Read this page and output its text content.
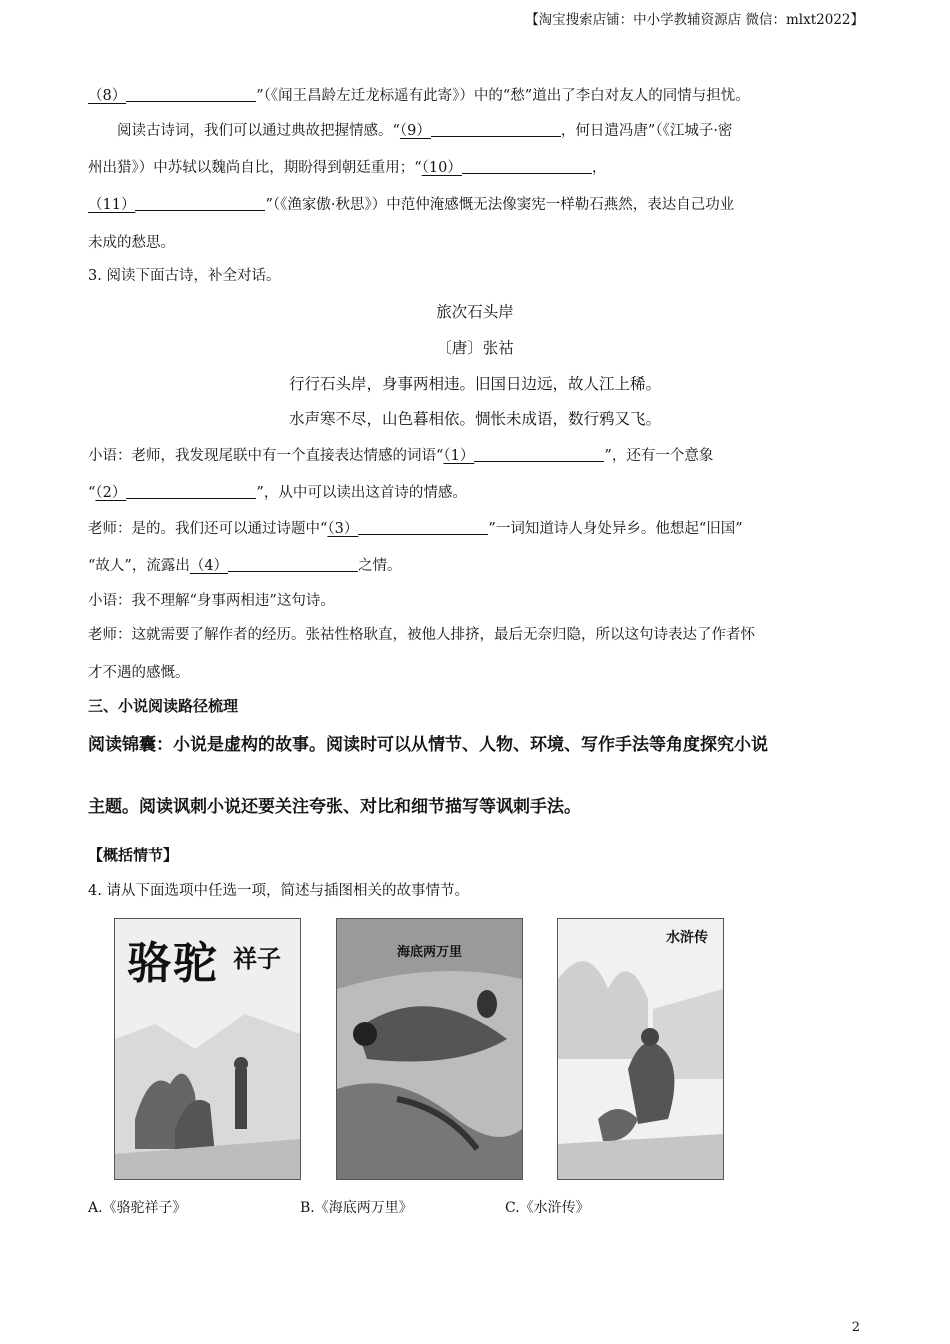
【淘宝搜索店铺：中小学教辅资源店 微信：mlxt2022】
（8）	”（《闻王昌龄左迁龙标遥有此寄》）中的“愁”道出了李白对友人的同情与担忧。
阅读古诗词，我们可以通过典故把握情感。“（9）	，何日遣冯唐”（《江城子·密
州出猎》）中苏轼以魏尚自比，期盼得到朝廷重用；“（10）	，
（11）	”（《渔家傲·秋思》）中范仲淹感慨无法像窦宪一样勒石燕然，表达自己功业
未成的愁思。
3. 阅读下面古诗，补全对话。
旅次石头岸
〔唐〕张祜
行行石头岸，身事两相违。旧国日边远，故人江上稀。
水声寒不尽，山色暮相依。惆怅未成语，数行鸦又飞。
小语：老师，我发现尾联中有一个直接表达情感的词语“（1）	”，还有一个意象
“（2）	”，从中可以读出这首诗的情感。
老师：是的。我们还可以通过诗题中“（3）	”一词知道诗人身处异乡。他想起“旧国”
“故人”，流露出（4）	之情。
小语：我不理解“身事两相违”这句诗。
老师：这就需要了解作者的经历。张祜性格耿直，被他人排挤，最后无奈归隐，所以这句诗表达了作者怀
才不遇的感慨。
三、小说阅读路径梳理
阅读锦囊：小说是虚构的故事。阅读时可以从情节、人物、环境、写作手法等角度探究小说
主题。阅读讽刺小说还要关注夸张、对比和细节描写等讽刺手法。
【概括情节】
4. 请从下面选项中任选一项，简述与插图相关的故事情节。
骆驼 祥子	海底两万里
水浒传
A.《骆驼祥子》	B.《海底两万里》	C.《水浒传》
2
